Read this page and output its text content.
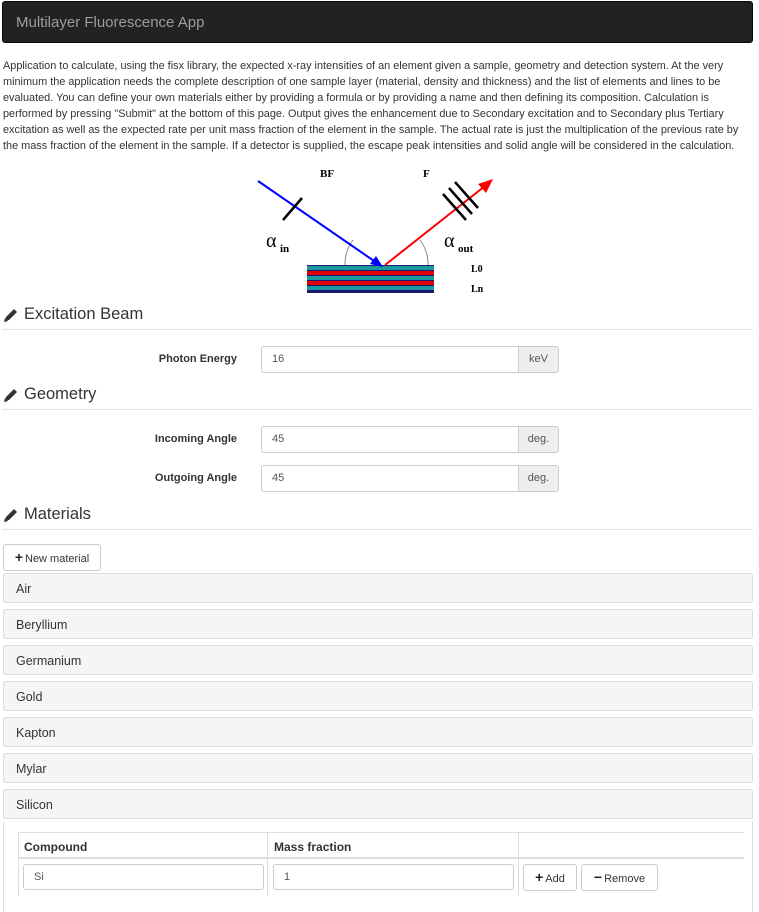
Multilayer Fluorescence App
Application to calculate, using the fisx library, the expected x-ray intensities of an element given a sample, geometry and detection system. At the very minimum the application needs the complete description of one sample layer (material, density and thickness) and the list of elements and lines to be evaluated. You can define your own materials either by providing a formula or by providing a name and then defining its composition. Calculation is performed by pressing "Submit" at the bottom of this page. Output gives the enhancement due to Secondary excitation and to Secondary plus Tertiary excitation as well as the expected rate per unit mass fraction of the element in the sample. The actual rate is just the multiplication of the previous rate by the mass fraction of the element in the sample. If a detector is supplied, the escape peak intensities and solid angle will be considered in the calculation.
BF	F
α in	α out
L0
Ln
Excitation Beam
Photon Energy	16	keV
Geometry
Incoming Angle	45	deg.
Outgoing Angle	45	deg.
Materials
+ New material
Air
Beryllium
Germanium
Gold
Kapton
Mylar
Silicon
Compound	Mass fraction
Si	1	+ Add	− Remove
